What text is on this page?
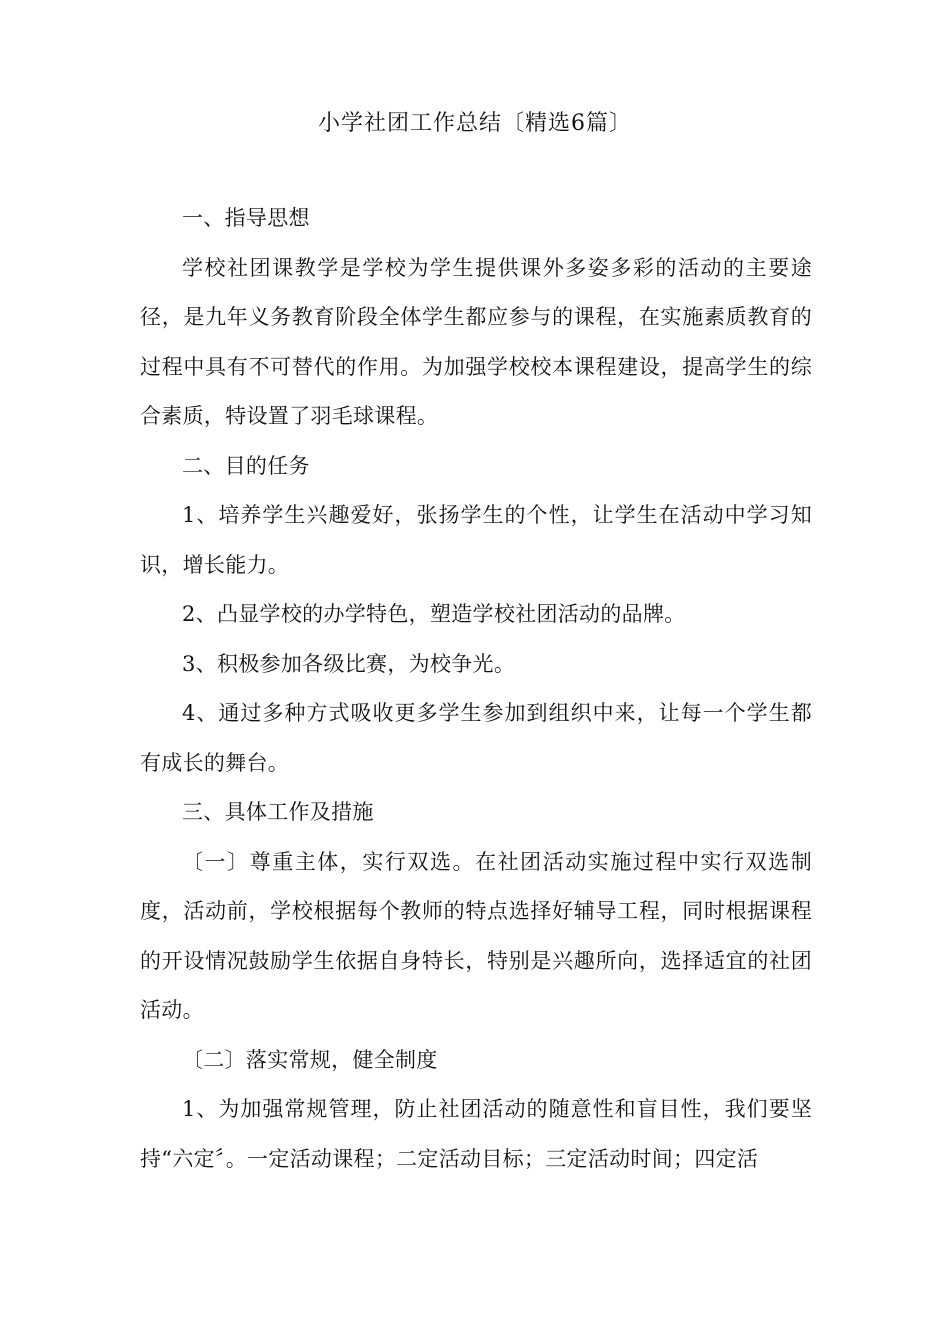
小学社团工作总结〔精选6篇〕

一、指导思想

学校社团课教学是学校为学生提供课外多姿多彩的活动的主要途径，是九年义务教育阶段全体学生都应参与的课程，在实施素质教育的过程中具有不可替代的作用。为加强学校校本课程建设，提高学生的综合素质，特设置了羽毛球课程。

二、目的任务

1、培养学生兴趣爱好，张扬学生的个性，让学生在活动中学习知识，增长能力。

2、凸显学校的办学特色，塑造学校社团活动的品牌。

3、积极参加各级比赛，为校争光。

4、通过多种方式吸收更多学生参加到组织中来，让每一个学生都有成长的舞台。

三、具体工作及措施

〔一〕尊重主体，实行双选。在社团活动实施过程中实行双选制度，活动前，学校根据每个教师的特点选择好辅导工程，同时根据课程的开设情况鼓励学生依据自身特长，特别是兴趣所向，选择适宜的社团活动。

〔二〕落实常规，健全制度

1、为加强常规管理，防止社团活动的随意性和盲目性，我们要坚持“六定〞。一定活动课程；二定活动目标；三定活动时间；四定活
